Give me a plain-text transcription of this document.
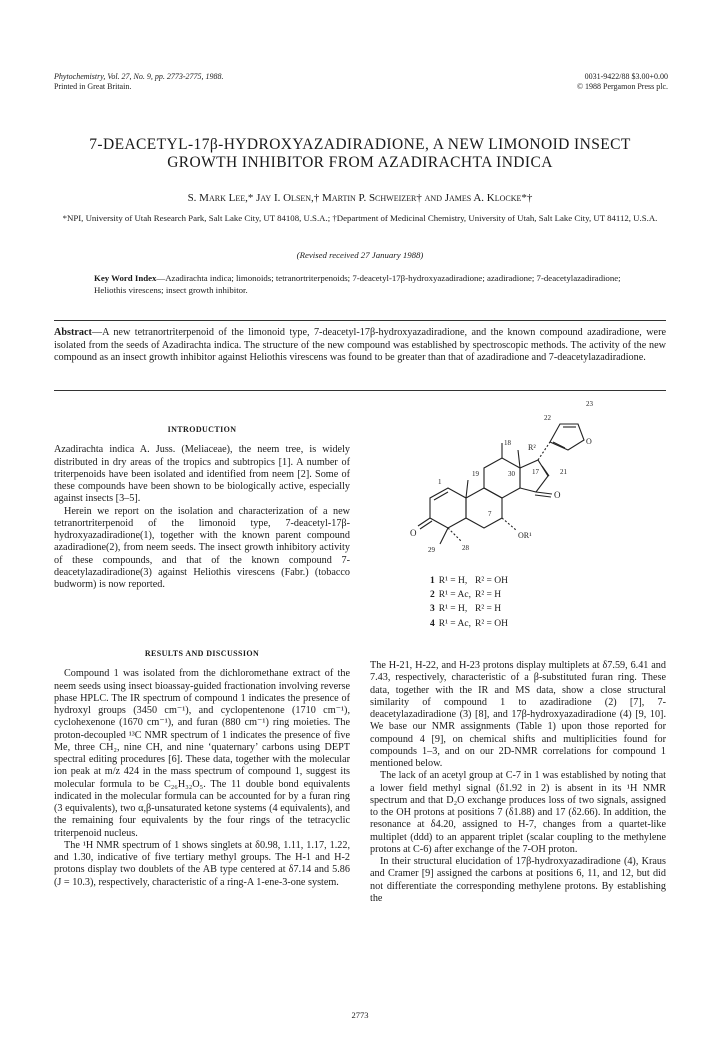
Phytochemistry, Vol. 27, No. 9, pp. 2773-2775, 1988.
Printed in Great Britain.
0031-9422/88 $3.00+0.00
© 1988 Pergamon Press plc.
7-DEACETYL-17β-HYDROXYAZADIRADIONE, A NEW LIMONOID INSECT
GROWTH INHIBITOR FROM AZADIRACHTA INDICA
S. Mark Lee,* Jay I. Olsen,† Martin P. Schweizer† and James A. Klocke*†
*NPI, University of Utah Research Park, Salt Lake City, UT 84108, U.S.A.; †Department of Medicinal Chemistry, University of Utah, Salt Lake City, UT 84112, U.S.A.
(Revised received 27 January 1988)
Key Word Index—Azadirachta indica; limonoids; tetranortriterpenoids; 7-deacetyl-17β-hydroxyazadiradione; azadiradione; 7-deacetylazadiradione; Heliothis virescens; insect growth inhibitor.
Abstract—A new tetranortriterpenoid of the limonoid type, 7-deacetyl-17β-hydroxyazadiradione, and the known compound azadiradione, were isolated from the seeds of Azadirachta indica. The structure of the new compound was established by spectroscopic methods. The activity of the new compound as an insect growth inhibitor against Heliothis virescens was found to be greater than that of azadiradione and 7-deacetylazadiradione.
INTRODUCTION

Azadirachta indica A. Juss. (Meliaceae), the neem tree, is widely distributed in dry areas of the tropics and subtropics [1]. A number of triterpenoids have been isolated and identified from neem [2]. Some of these compounds have been shown to be biologically active, especially against insects [3–5].

Herein we report on the isolation and characterization of a new tetranortriterpenoid of the limonoid type, 7-deacetyl-17β-hydroxyazadiradione(1), together with the known parent compound azadiradione(2), from neem seeds. The insect growth inhibitory activity of these compounds, and that of the known compound 7-deacetylazadiradione(3) against Heliothis virescens (Fabr.) (tobacco budworm) is now reported.

23
22
R²
18
19	30 17	21
O
1
7
O	OR¹
29	28
O
1	R¹ = H,	R² = OH
2	R¹ = Ac,	R² = H
3	R¹ = H,	R² = H
4	R¹ = Ac,	R² = OH
RESULTS AND DISCUSSION

Compound 1 was isolated from the dichloromethane extract of the neem seeds using insect bioassay-guided fractionation involving reverse phase HPLC. The IR spectrum of compound 1 indicates the presence of hydroxyl groups (3450 cm⁻¹), and cyclopentenone (1710 cm⁻¹), cyclohexenone (1670 cm⁻¹), and furan (880 cm⁻¹) ring moieties. The proton-decoupled ¹³C NMR spectrum of 1 indicates the presence of five Me, three CH₂, nine CH, and nine ‘quaternary’ carbons using DEPT spectral editing procedures [6]. These data, together with the molecular ion peak at m/z 424 in the mass spectrum of compound 1, suggest its molecular formula to be C₂₆H₃₂O₅. The 11 double bond equivalents indicated in the molecular formula can be accounted for by a furan ring (3 equivalents), two α,β-unsaturated ketone systems (4 equivalents), and the remaining four equivalents by the four rings of the tetracyclic triterpenoid nucleus.

The ¹H NMR spectrum of 1 shows singlets at δ0.98, 1.11, 1.17, 1.22, and 1.30, indicative of five tertiary methyl groups. The H-1 and H-2 protons display two doublets of the AB type centered at δ7.14 and 5.86 (J = 10.3), respectively, characteristic of a ring-A 1-ene-3-one system.

The H-21, H-22, and H-23 protons display multiplets at δ7.59, 6.41 and 7.43, respectively, characteristic of a β-substituted furan ring. These data, together with the IR and MS data, show a close structural similarity of compound 1 to azadiradione (2) [7], 7-deacetylazadiradione (3) [8], and 17β-hydroxyazadiradione (4) [9, 10]. We base our NMR assignments (Table 1) upon those reported for compound 4 [9], on chemical shifts and multiplicities found for compounds 1–3, and on our 2D-NMR correlations for compound 1 mentioned below.

The lack of an acetyl group at C-7 in 1 was established by noting that a lower field methyl signal (δ1.92 in 2) is absent in its ¹H NMR spectrum and that D₂O exchange produces loss of two signals, assigned to the OH protons at positions 7 (δ1.88) and 17 (δ2.66). In addition, the resonance at δ4.20, assigned to H-7, changes from a quartet-like multiplet (ddd) to an apparent triplet (scalar coupling to the methylene protons at C-6) after exchange of the 7-OH proton.

In their structural elucidation of 17β-hydroxyazadiradione (4), Kraus and Cramer [9] assigned the carbons at positions 6, 11, and 12, but did not differentiate the corresponding methylene protons. By establishing the

2773
